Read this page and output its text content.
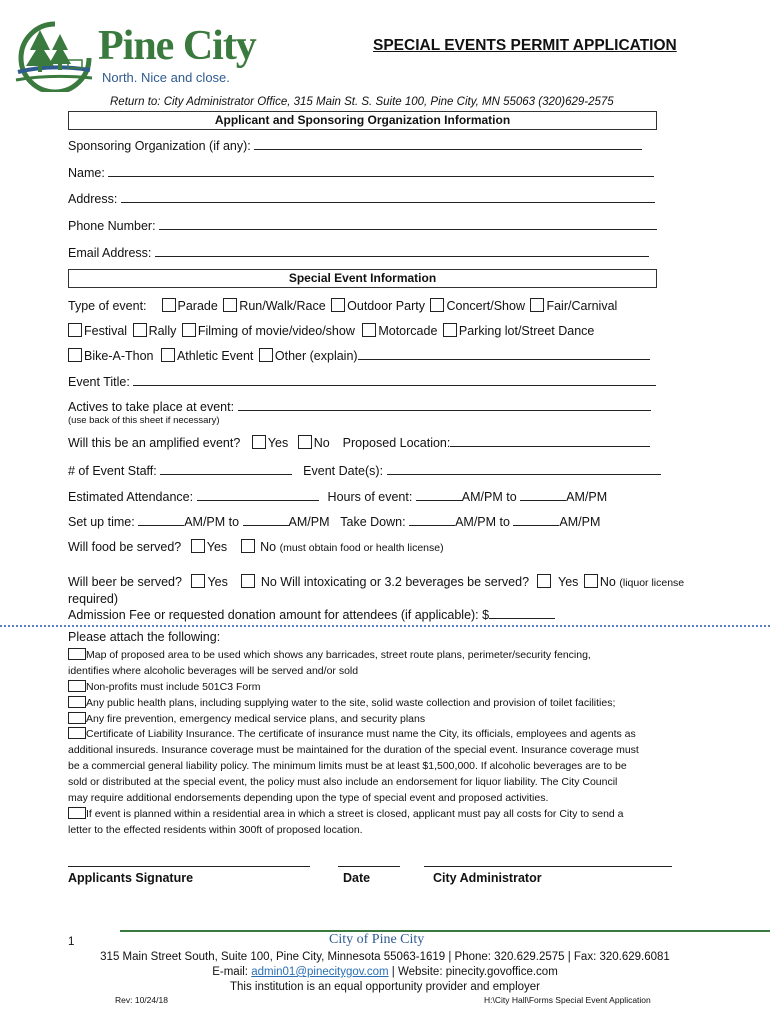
Pine City
North. Nice and close.
SPECIAL EVENTS PERMIT APPLICATION
Return to: City Administrator Office, 315 Main St. S. Suite 100, Pine City, MN 55063 (320)629-2575
Applicant and Sponsoring Organization Information
Sponsoring Organization (if any):
Name:
Address:
Phone Number:
Email Address:
Special Event Information
Type of event: Parade Run/Walk/Race Outdoor Party Concert/Show Fair/Carnival
Festival Rally Filming of movie/video/show Motorcade Parking lot/Street Dance
Bike-A-Thon Athletic Event Other (explain)
Event Title:
Actives to take place at event:
(use back of this sheet if necessary)
Will this be an amplified event? Yes No Proposed Location:
# of Event Staff:	Event Date(s):
Estimated Attendance:	Hours of event:	AM/PM to	AM/PM
Set up time:	AM/PM to	AM/PM Take Down:	AM/PM to	AM/PM
Will food be served? Yes	No (must obtain food or health license)
Will beer be served? Yes	No Will intoxicating or 3.2 beverages be served? Yes No (liquor license
required)
Admission Fee or requested donation amount for attendees (if applicable): $
Please attach the following:
Map of proposed area to be used which shows any barricades, street route plans, perimeter/security fencing,
identifies where alcoholic beverages will be served and/or sold
Non-profits must include 501C3 Form
Any public health plans, including supplying water to the site, solid waste collection and provision of toilet facilities;
Any fire prevention, emergency medical service plans, and security plans
Certificate of Liability Insurance. The certificate of insurance must name the City, its officials, employees and agents as
additional insureds. Insurance coverage must be maintained for the duration of the special event. Insurance coverage must
be a commercial general liability policy. The minimum limits must be at least $1,500,000. If alcoholic beverages are to be
sold or distributed at the special event, the policy must also include an endorsement for liquor liability. The City Council
may require additional endorsements depending upon the type of special event and proposed activities.
If event is planned within a residential area in which a street is closed, applicant must pay all costs for City to send a
letter to the effected residents within 300ft of proposed location.
Applicants Signature	Date	City Administrator
1	City of Pine City
315 Main Street South, Suite 100, Pine City, Minnesota 55063-1619 | Phone: 320.629.2575 | Fax: 320.629.6081
E-mail: admin01@pinecitygov.com | Website: pinecity.govoffice.com
This institution is an equal opportunity provider and employer
Rev: 10/24/18	H:\City Hall\Forms Special Event Application
